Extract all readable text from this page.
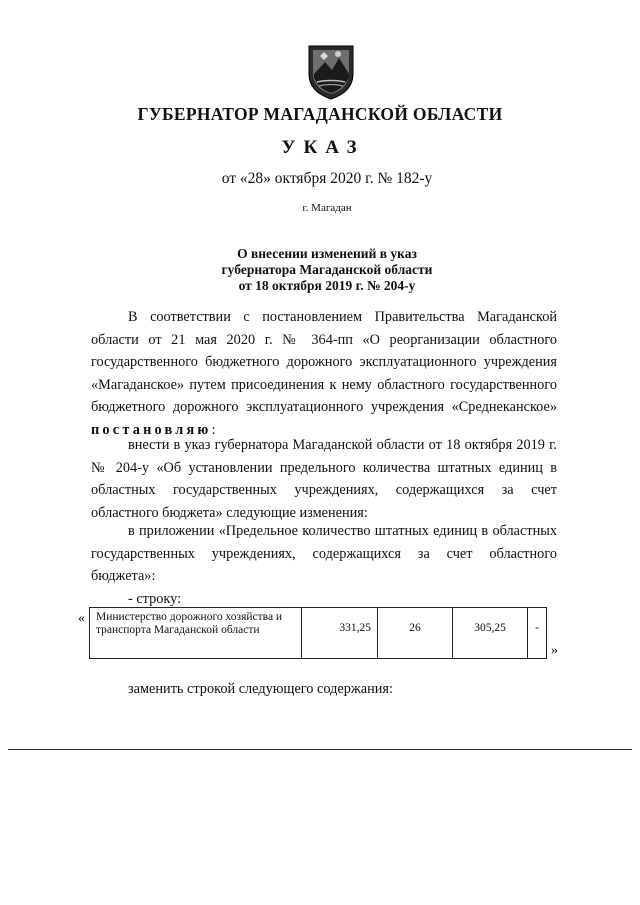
ГУБЕРНАТОР МАГАДАНСКОЙ ОБЛАСТИ
УКАЗ
от «28» октября 2020 г. № 182-у
г. Магадан
О внесении изменений в указ
губернатора Магаданской области
от 18 октября 2019 г. № 204-у
В соответствии с постановлением Правительства Магаданской области от 21 мая 2020 г. № 364-пп «О реорганизации областного государственного бюджетного дорожного эксплуатационного учреждения «Магаданское» путем присоединения к нему областного государственного бюджетного дорожного эксплуатационного учреждения «Среднеканское» постановляю:
внести в указ губернатора Магаданской области от 18 октября 2019 г. № 204-у «Об установлении предельного количества штатных единиц в областных государственных учреждениях, содержащихся за счет областного бюджета» следующие изменения:
в приложении «Предельное количество штатных единиц в областных государственных учреждениях, содержащихся за счет областного бюджета»:
- строку:
« Министерство дорожного хозяйства и транспорта Магаданской области	331,25	26	305,25	-
»
заменить строкой следующего содержания:
